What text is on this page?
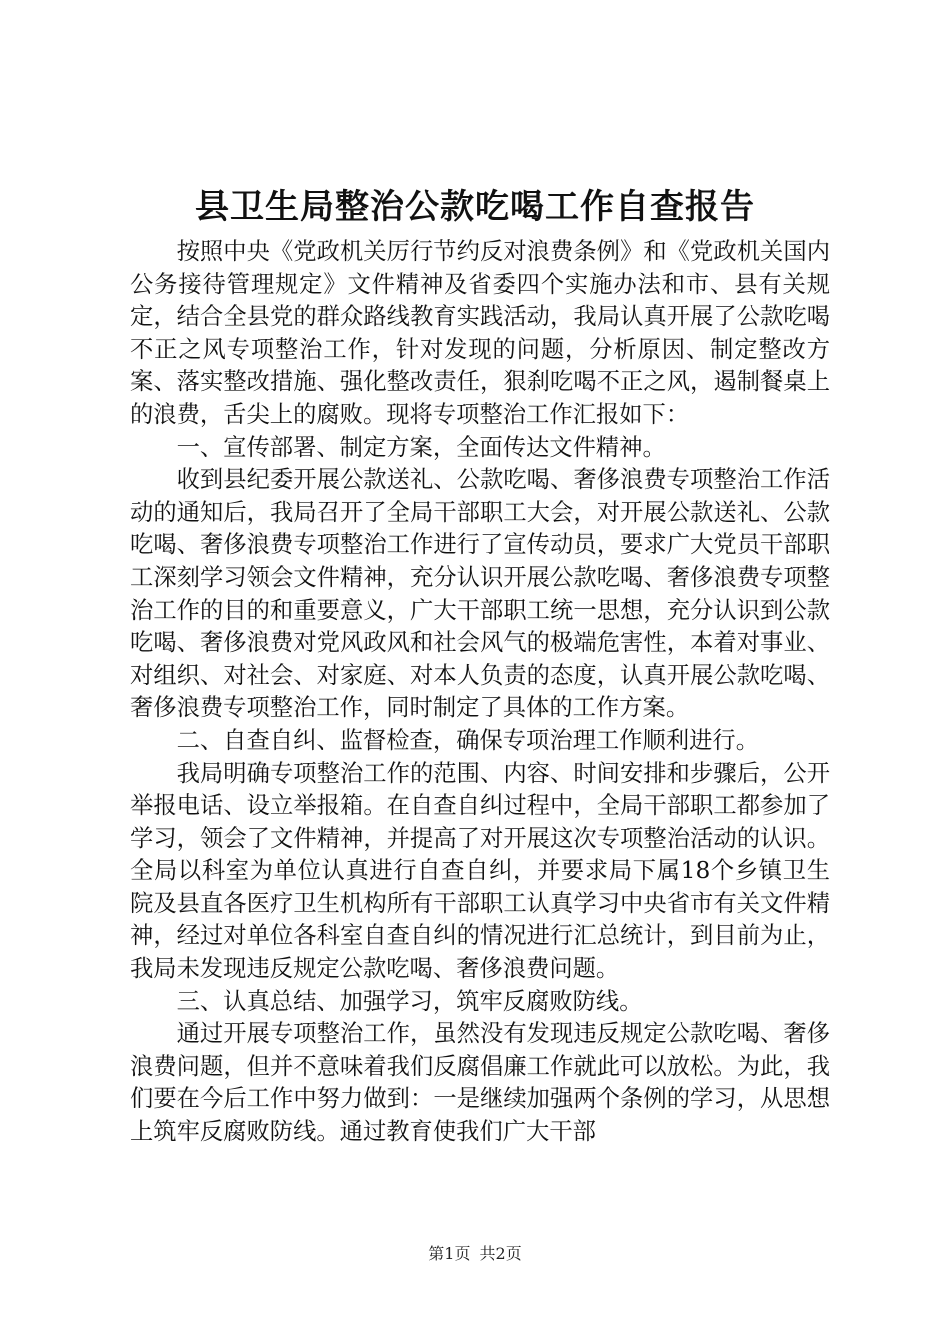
县卫生局整治公款吃喝工作自查报告

按照中央《党政机关厉行节约反对浪费条例》和《党政机关国内公务接待管理规定》文件精神及省委四个实施办法和市、县有关规定，结合全县党的群众路线教育实践活动，我局认真开展了公款吃喝不正之风专项整治工作，针对发现的问题，分析原因、制定整改方案、落实整改措施、强化整改责任，狠刹吃喝不正之风，遏制餐桌上的浪费，舌尖上的腐败。现将专项整治工作汇报如下：

一、宣传部署、制定方案，全面传达文件精神。

收到县纪委开展公款送礼、公款吃喝、奢侈浪费专项整治工作活动的通知后，我局召开了全局干部职工大会，对开展公款送礼、公款吃喝、奢侈浪费专项整治工作进行了宣传动员，要求广大党员干部职工深刻学习领会文件精神，充分认识开展公款吃喝、奢侈浪费专项整治工作的目的和重要意义，广大干部职工统一思想，充分认识到公款吃喝、奢侈浪费对党风政风和社会风气的极端危害性，本着对事业、对组织、对社会、对家庭、对本人负责的态度，认真开展公款吃喝、奢侈浪费专项整治工作，同时制定了具体的工作方案。

二、自查自纠、监督检查，确保专项治理工作顺利进行。

我局明确专项整治工作的范围、内容、时间安排和步骤后，公开举报电话、设立举报箱。在自查自纠过程中，全局干部职工都参加了学习，领会了文件精神，并提高了对开展这次专项整治活动的认识。全局以科室为单位认真进行自查自纠，并要求局下属18个乡镇卫生院及县直各医疗卫生机构所有干部职工认真学习中央省市有关文件精神，经过对单位各科室自查自纠的情况进行汇总统计，到目前为止，我局未发现违反规定公款吃喝、奢侈浪费问题。

三、认真总结、加强学习，筑牢反腐败防线。

通过开展专项整治工作，虽然没有发现违反规定公款吃喝、奢侈浪费问题，但并不意味着我们反腐倡廉工作就此可以放松。为此，我们要在今后工作中努力做到：一是继续加强两个条例的学习，从思想上筑牢反腐败防线。通过教育使我们广大干部

第1页 共2页
